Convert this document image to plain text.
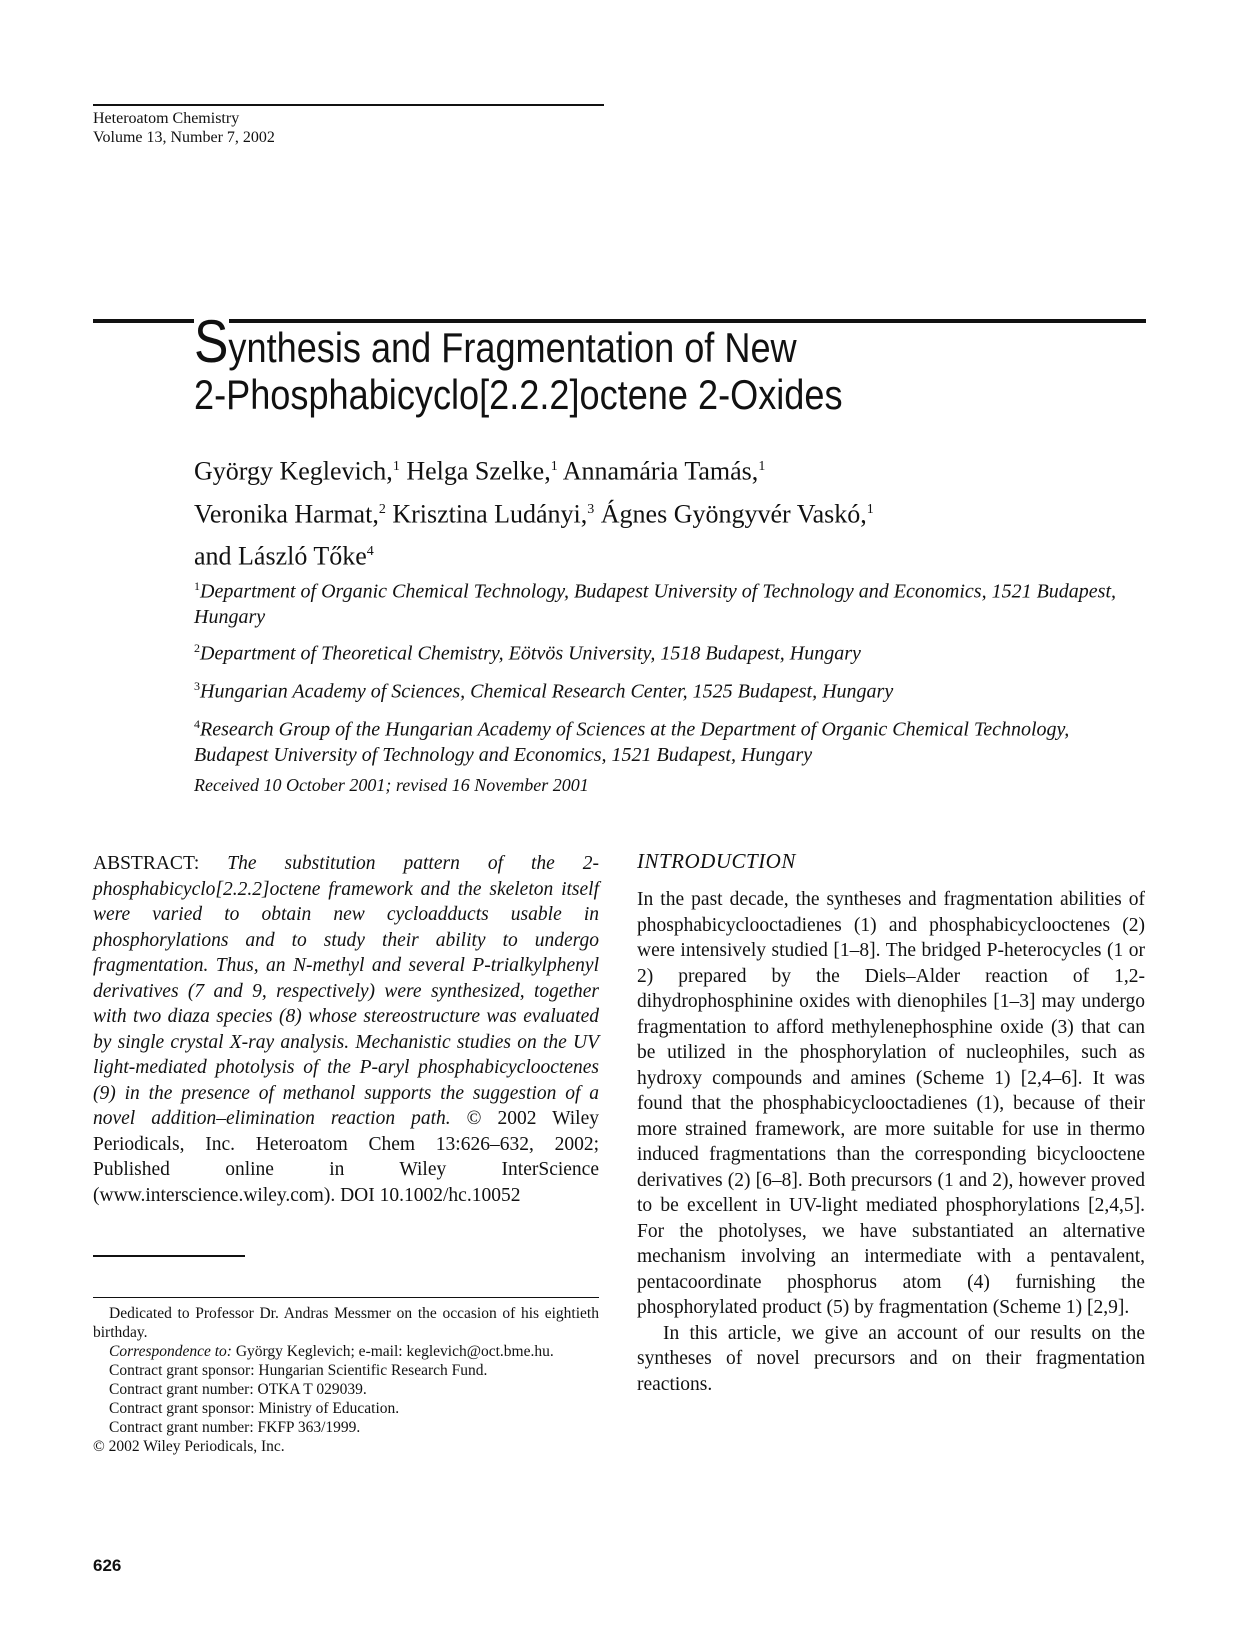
Heteroatom Chemistry
Volume 13, Number 7, 2002
Synthesis and Fragmentation of New
2-Phosphabicyclo[2.2.2]octene 2-Oxides
György Keglevich,$^1$ Helga Szelke,$^1$ Annamária Tamás,$^1$
Veronika Harmat,$^2$ Krisztina Ludányi,$^3$ Ágnes Gyöngyvér Vaskó,$^1$
and László Tőke$^4$
$^1$Department of Organic Chemical Technology, Budapest University of Technology and Economics, 1521 Budapest, Hungary
$^2$Department of Theoretical Chemistry, Eötvös University, 1518 Budapest, Hungary
$^3$Hungarian Academy of Sciences, Chemical Research Center, 1525 Budapest, Hungary
$^4$Research Group of the Hungarian Academy of Sciences at the Department of Organic Chemical Technology, Budapest University of Technology and Economics, 1521 Budapest, Hungary
Received 10 October 2001; revised 16 November 2001
ABSTRACT: The substitution pattern of the 2-phosphabicyclo[2.2.2]octene framework and the skeleton itself were varied to obtain new cycloadducts usable in phosphorylations and to study their ability to undergo fragmentation. Thus, an N-methyl and several P-trialkylphenyl derivatives (7 and 9, respectively) were synthesized, together with two diaza species (8) whose stereostructure was evaluated by single crystal X-ray analysis. Mechanistic studies on the UV light-mediated photolysis of the P-aryl phosphabicyclooctenes (9) in the presence of methanol supports the suggestion of a novel addition–elimination reaction path. © 2002 Wiley Periodicals, Inc. Heteroatom Chem 13:626–632, 2002; Published online in Wiley InterScience (www.interscience.wiley.com). DOI 10.1002/hc.10052
Dedicated to Professor Dr. Andras Messmer on the occasion of his eightieth birthday.
Correspondence to: György Keglevich; e-mail: keglevich@oct.bme.hu.
Contract grant sponsor: Hungarian Scientific Research Fund.
Contract grant number: OTKA T 029039.
Contract grant sponsor: Ministry of Education.
Contract grant number: FKFP 363/1999.
© 2002 Wiley Periodicals, Inc.
INTRODUCTION

In the past decade, the syntheses and fragmentation abilities of phosphabicyclooctadienes (1) and phosphabicyclooctenes (2) were intensively studied [1–8]. The bridged P-heterocycles (1 or 2) prepared by the Diels–Alder reaction of 1,2-dihydrophosphinine oxides with dienophiles [1–3] may undergo fragmentation to afford methylenephosphine oxide (3) that can be utilized in the phosphorylation of nucleophiles, such as hydroxy compounds and amines (Scheme 1) [2,4–6]. It was found that the phosphabicyclooctadienes (1), because of their more strained framework, are more suitable for use in thermo induced fragmentations than the corresponding bicyclooctene derivatives (2) [6–8]. Both precursors (1 and 2), however proved to be excellent in UV-light mediated phosphorylations [2,4,5]. For the photolyses, we have substantiated an alternative mechanism involving an intermediate with a pentavalent, pentacoordinate phosphorus atom (4) furnishing the phosphorylated product (5) by fragmentation (Scheme 1) [2,9].

In this article, we give an account of our results on the syntheses of novel precursors and on their fragmentation reactions.

626
